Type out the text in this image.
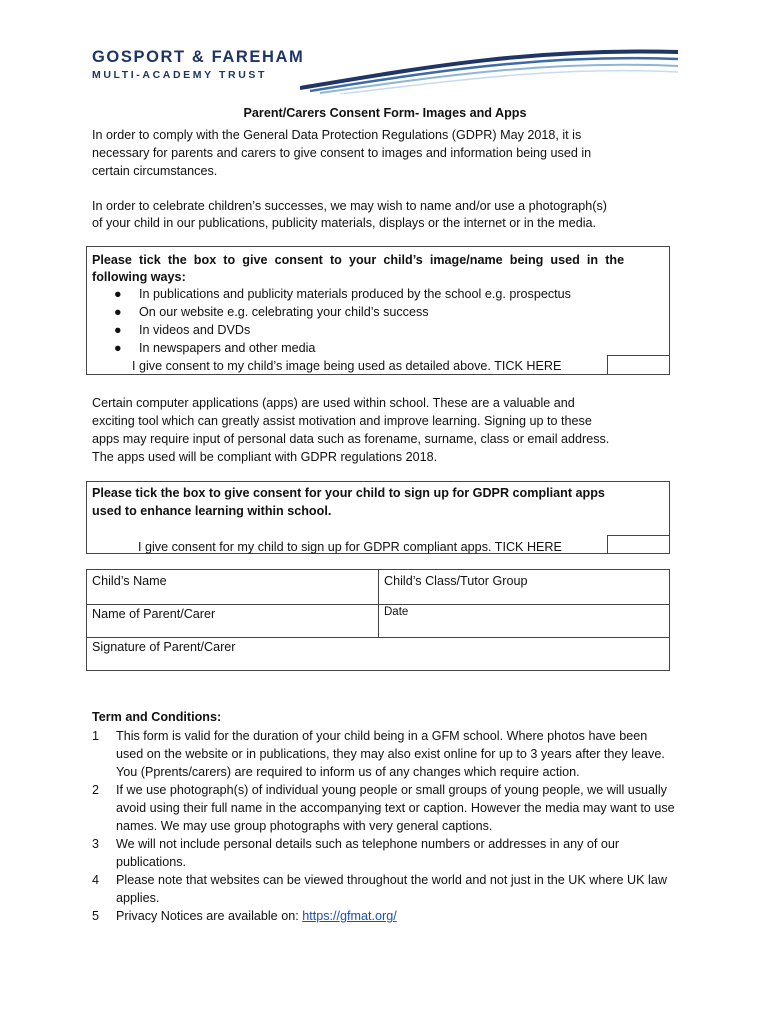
GOSPORT & FAREHAM
MULTI-ACADEMY TRUST
Parent/Carers Consent Form- Images and Apps
In order to comply with the General Data Protection Regulations (GDPR) May 2018, it is
necessary for parents and carers to give consent to images and information being used in
certain circumstances.
In order to celebrate children’s successes, we may wish to name and/or use a photograph(s)
of your child in our publications, publicity materials, displays or the internet or in the media.
Please tick the box to give consent to your child’s image/name being used in the
following ways:
● In publications and publicity materials produced by the school e.g. prospectus
● On our website e.g. celebrating your child’s success
● In videos and DVDs
● In newspapers and other media
I give consent to my child’s image being used as detailed above. TICK HERE
Certain computer applications (apps) are used within school. These are a valuable and
exciting tool which can greatly assist motivation and improve learning. Signing up to these
apps may require input of personal data such as forename, surname, class or email address.
The apps used will be compliant with GDPR regulations 2018.
Please tick the box to give consent for your child to sign up for GDPR compliant apps
used to enhance learning within school.
I give consent for my child to sign up for GDPR compliant apps. TICK HERE
Child’s Name	Child’s Class/Tutor Group
Name of Parent/Carer	Date
Signature of Parent/Carer
Term and Conditions:
1 This form is valid for the duration of your child being in a GFM school. Where photos have been used on the website or in publications, they may also exist online for up to 3 years after they leave. You (Pprents/carers) are required to inform us of any changes which require action.
2 If we use photograph(s) of individual young people or small groups of young people, we will usually avoid using their full name in the accompanying text or caption. However the media may want to use names. We may use group photographs with very general captions.
3 We will not include personal details such as telephone numbers or addresses in any of our publications.
4 Please note that websites can be viewed throughout the world and not just in the UK where UK law applies.
5 Privacy Notices are available on: https://gfmat.org/
